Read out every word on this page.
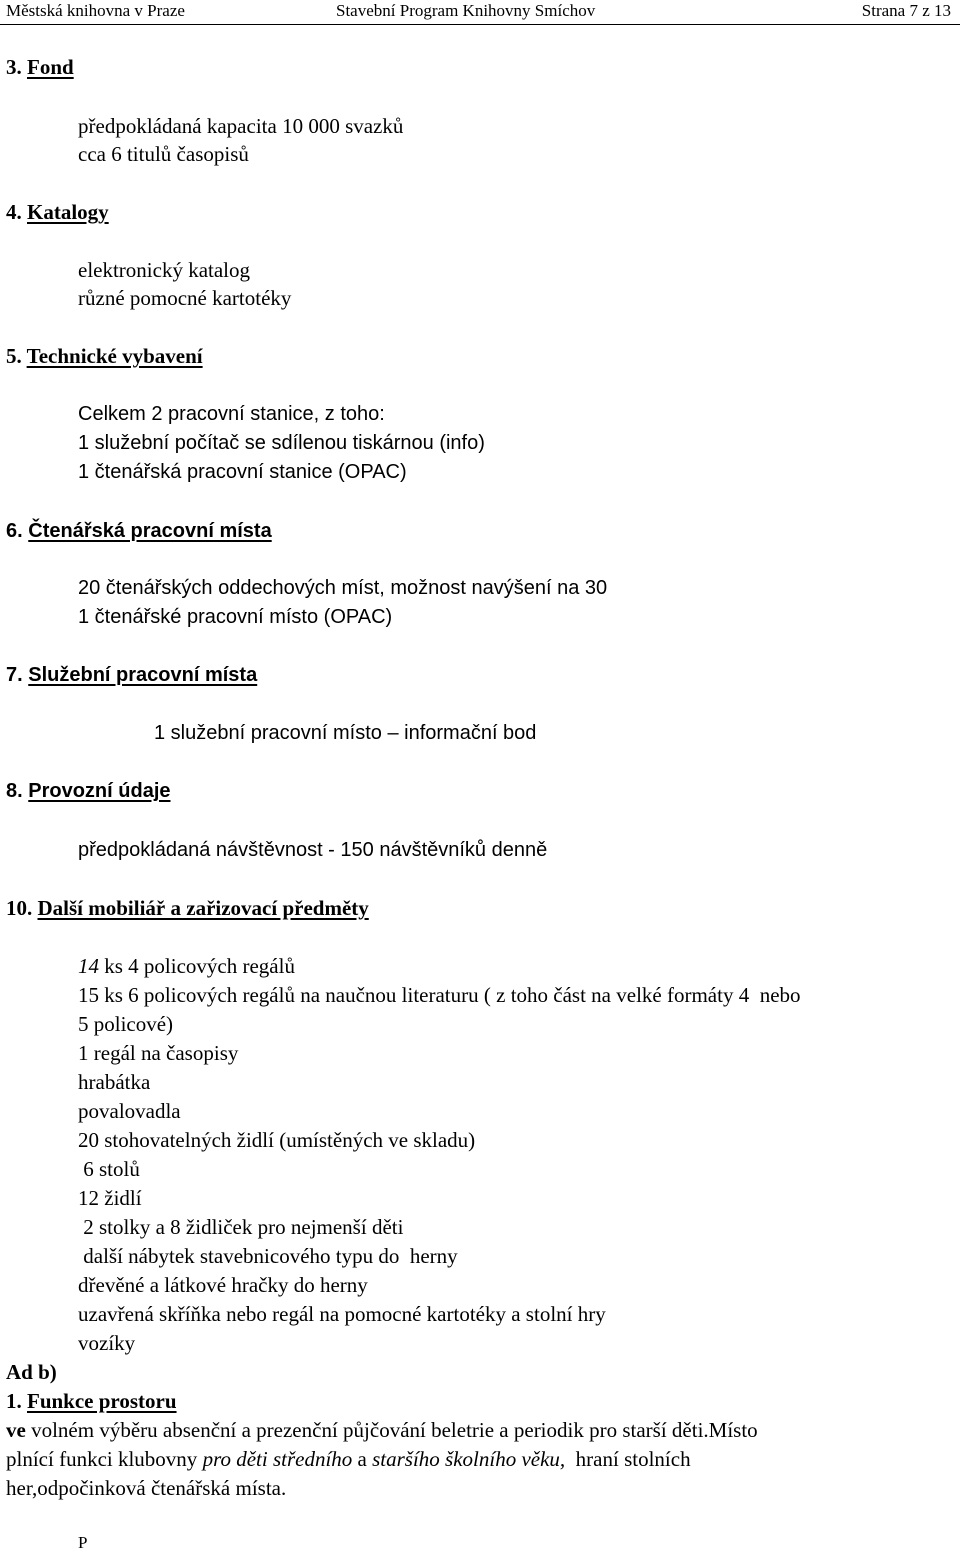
Městská knihovna v Praze	Stavební Program Knihovny Smíchov	Strana 7 z 13
3. Fond
předpokládaná kapacita 10 000 svazků
cca 6 titulů časopisů
4. Katalogy
elektronický katalog
různé pomocné kartotéky
5. Technické vybavení
Celkem 2 pracovní stanice, z toho:
1 služební počítač se sdílenou tiskárnou (info)
1 čtenářská pracovní stanice (OPAC)
6. Čtenářská pracovní místa
20 čtenářských oddechových míst, možnost navýšení na 30
1 čtenářské pracovní místo (OPAC)
7. Služební pracovní místa
1 služební pracovní místo – informační bod
8. Provozní údaje
předpokládaná návštěvnost - 150 návštěvníků denně
10. Další mobiliář a zařizovací předměty
14 ks 4 policových regálů
15 ks 6 policových regálů na naučnou literaturu ( z toho část na velké formáty 4  nebo
5 policové)
1 regál na časopisy
hrabátka
povalovadla
20 stohovatelných židlí (umístěných ve skladu)
6 stolů
12 židlí
2 stolky a 8 židliček pro nejmenší děti
další nábytek stavebnicového typu do  herny
dřevěné a látkové hračky do herny
uzavřená skříňka nebo regál na pomocné kartotéky a stolní hry
vozíky
Ad b)
1. Funkce prostoru
ve volném výběru absenční a prezenční půjčování beletrie a periodik pro starší děti.Místo
plnící funkci klubovny pro děti středního a staršího školního věku,  hraní stolních
her,odpočinková čtenářská místa.
P
